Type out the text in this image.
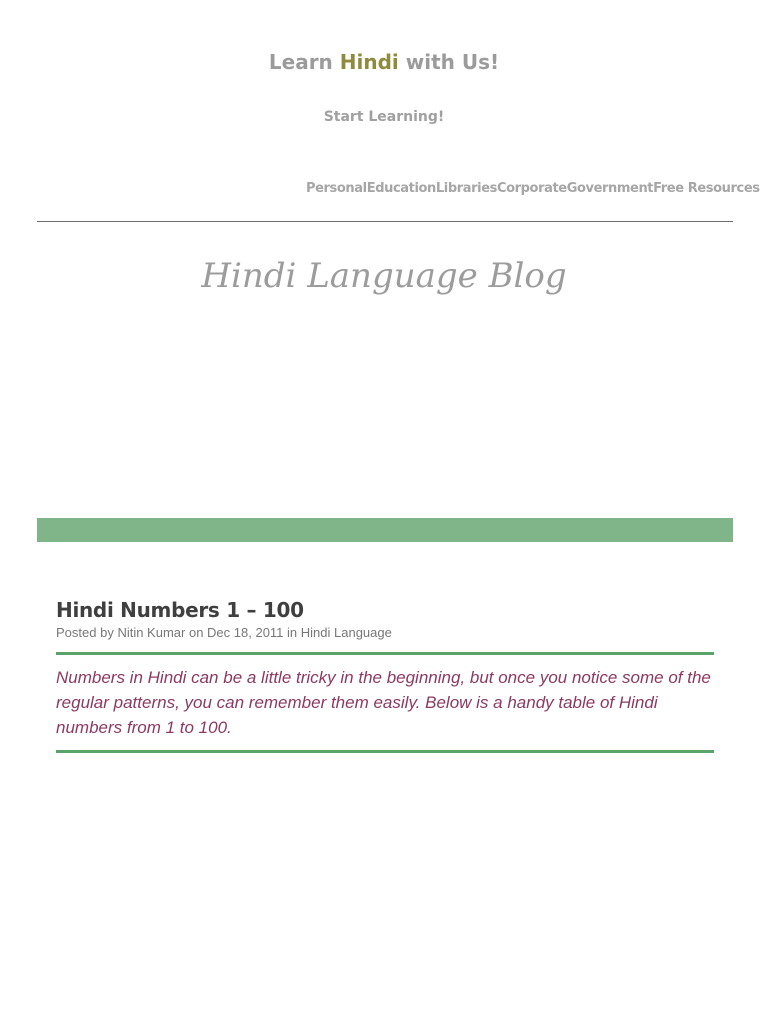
Learn Hindi with Us!
Start Learning!
Personal Education Libraries Corporate Government Free Resources
Hindi Language Blog
Hindi Numbers 1 – 100
Posted by Nitin Kumar on Dec 18, 2011 in Hindi Language
Numbers in Hindi can be a little tricky in the beginning, but once you notice some of the regular patterns, you can remember them easily. Below is a handy table of Hindi numbers from 1 to 100.
